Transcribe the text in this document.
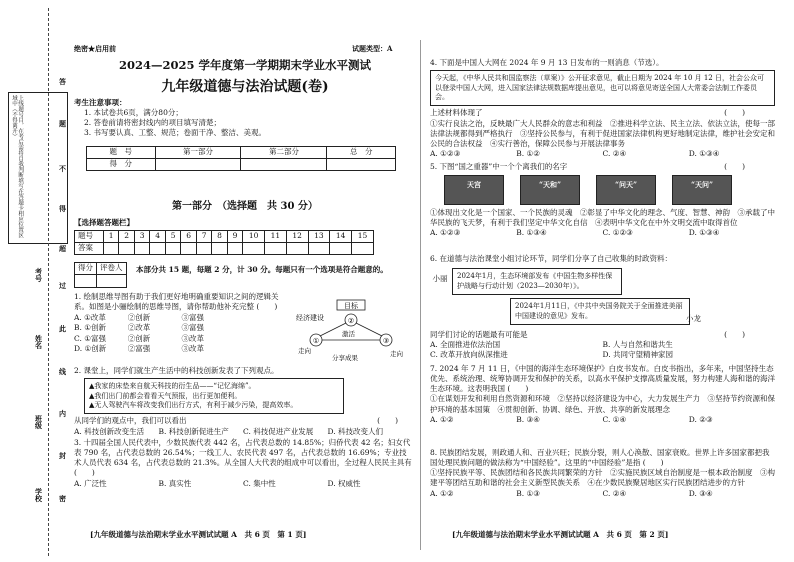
上线题号目，在考后需将自我判断填写在答题卡相应位置区域中（不得离开）
答
题
不
得
超
过
此
线
内
封
密
考号
姓名
班级
学校
绝密★启用前	试题类型：A
2024—2025 学年度第一学期期末学业水平测试
九年级道德与法治试题(卷)
考生注意事项：
1. 本试卷共6页，满分80分；
2. 答卷前请将密封线内的项目填写清楚；
3. 书写要认真、工整、规范；卷面干净、整洁、美观。
题　号	第一部分	第二部分	总　分
得　分			
第一部分　（选择题　共 30 分）
【选择题答题栏】
题号	1	2	3	4	5	6	7	8	9	10	11	12	13	14	15
答案															
得分	评卷人
	本部分共 15 题，每题 2 分，计 30 分。每题只有一个选项是符合题意的。
1. 绘制思维导图有助于我们更好地明确重要知识之间的逻辑关系。如图是小骊绘制的思维导图，请你帮助他补充完整 (　　)
A. ①改革	②创新	③富强
B. ①创新	②改革	③富强
C. ①富强	②创新	③改革
D. ①创新	②富强	③改革
目标
经济建设
①	③
②
走向
激活
走向
分享成果
2. 课堂上，同学们就生产生活中的科技创新发表了下列观点。
▲我家的床垫来自航天科技的衍生品——“记忆海绵”。
▲我们出门前都会看看天气预报，出行更加便利。
▲无人驾驶汽车将改变我们出行方式，有利于减少污染，提高效率。
从同学们的观点中，我们可以看出	(　　)
A. 科技创新改变生活	B. 科技创新促进生产	C. 科技促进产业发展	D. 科技改变人们
3. 十四届全国人民代表中，少数民族代表 442 名，占代表总数的 14.85%；归侨代表 42 名；妇女代表 790 名，占代表总数的 26.54%；一线工人、农民代表 497 名，占代表总数的 16.69%；专业技术人员代表 634 名，占代表总数的 21.3%。从全国人大代表的组成中可以看出，全过程人民民主具有 (　　)
A. 广泛性	B. 真实性	C. 集中性	D. 权威性
[九年级道德与法治期末学业水平测试试题 A　共 6 页　第 1 页]
4. 下面是中国人大网在 2024 年 9 月 13 日发布的一则消息（节选）。
今天起，《中华人民共和国监察法（草案）》公开征求意见，截止日期为 2024 年 10 月 12 日，社会公众可以登录中国人大网，进入国家法律法规数据库提出意见，也可以将意见寄送全国人大常委会法制工作委员会。
上述材料体现了	(　　)
①实行良法之治，反映最广大人民群众的意志和利益　②推进科学立法、民主立法、依法立法，使每一部法律法规都得到严格执行　③坚持公民参与，有利于促进国家法律机构更好地制定法律，维护社会安定和公民的合法权益　④实行善治，保障公民参与开展法律事务
A. ①②③	B. ①②	C. ②④	D. ①③④
5. 下图“国之重器”中一个个离我们的名字	(　　)
天宫	“天和”	“问天”	“天问”
①体现出文化是一个国家、一个民族的灵魂　②彰显了中华文化的理念、气度、智慧、神韵　③承载了中华民族的飞天梦，有利于我们坚定中华文化自信　④表明中华文化在中外文明交流中取得首位
A. ①②③	B. ①③④	C. ①②③	D. ①③④
6. 在道德与法治课堂小组讨论环节，同学们分享了自己收集的时政资料：
小丽	2024年1月，生态环境部发布《中国生物多样性保护战略与行动计划（2023—2030年）》。
2024年1月11日，《中共中央国务院关于全面推进美丽中国建设的意见》发布。	小龙
同学们讨论的话题最有可能是	(　　)
A. 全面推进依法治国	B. 人与自然和谐共生
C. 改革开放向纵深推进	D. 共同守望精神家园
7. 2024 年 7 月 11 日，《中国的海洋生态环境保护》白皮书发布。白皮书指出，多年来，中国坚持生态优先、系统治理、统筹协调开发和保护的关系，以高水平保护支撑高质量发展，努力构建人海和谐的海洋生态环境。这表明我国 (　　)
①在谋划开发和利用自然资源和环境　②坚持以经济建设为中心，大力发展生产力　③坚持节约资源和保护环境的基本国策　④贯彻创新、协调、绿色、开放、共享的新发展理念
A. ①②	B. ③④	C. ①④	D. ②③
8. 民族团结发展，则政通人和、百业兴旺；民族分裂，则人心涣散、国家衰败。世界上许多国家都把我国处理民族问题的做法称为“中国经验”。这里的“中国经验”是指 (　　)
①坚持民族平等、民族团结和各民族共同繁荣的方针　②实施民族区域自治制度是一根本政治制度　③构建平等团结互助和谐的社会主义新型民族关系　④在少数民族聚居地区实行民族团结进步的方针
A. ①②	B. ①③	C. ②④	D. ③④
[九年级道德与法治期末学业水平测试试题 A　共 6 页　第 2 页]
